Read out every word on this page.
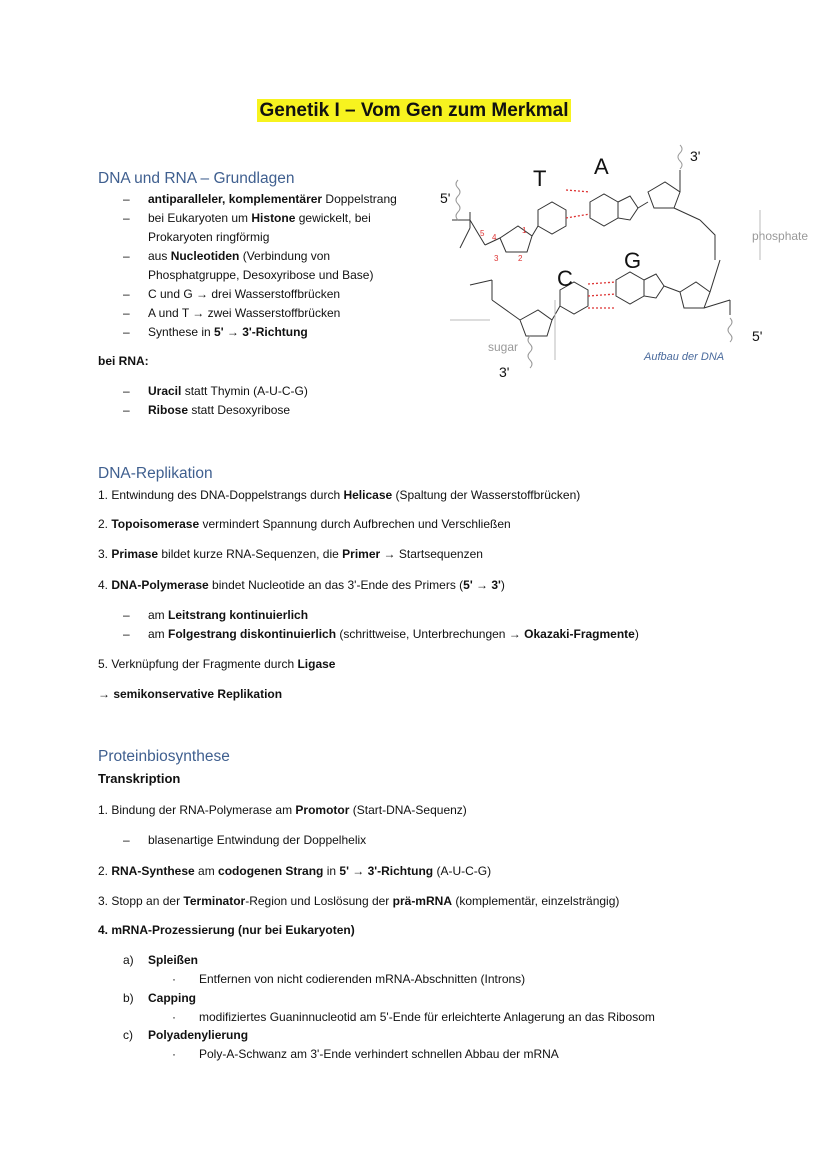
Genetik I – Vom Gen zum Merkmal
DNA und RNA – Grundlagen
– antiparalleler, komplementärer Doppelstrang
– bei Eukaryoten um Histone gewickelt, bei
Prokaryoten ringförmig
– aus Nucleotiden (Verbindung von
Phosphatgruppe, Desoxyribose und Base)
– C und G → drei Wasserstoffbrücken
– A und T → zwei Wasserstoffbrücken
– Synthese in 5' → 3'-Richtung
bei RNA:
– Uracil statt Thymin (A-U-C-G)
– Ribose statt Desoxyribose
T A
C
G
3'
5'
5'
3'
phosphate
sugar
5 4
1
3 2
Aufbau der DNA
DNA-Replikation
1. Entwindung des DNA-Doppelstrangs durch Helicase (Spaltung der Wasserstoffbrücken)
2. Topoisomerase vermindert Spannung durch Aufbrechen und Verschließen
3. Primase bildet kurze RNA-Sequenzen, die Primer → Startsequenzen
4. DNA-Polymerase bindet Nucleotide an das 3'-Ende des Primers (5' → 3')
– am Leitstrang kontinuierlich
– am Folgestrang diskontinuierlich (schrittweise, Unterbrechungen → Okazaki-Fragmente)
5. Verknüpfung der Fragmente durch Ligase
→ semikonservative Replikation
Proteinbiosynthese
Transkription
1. Bindung der RNA-Polymerase am Promotor (Start-DNA-Sequenz)
– blasenartige Entwindung der Doppelhelix
2. RNA-Synthese am codogenen Strang in 5' → 3'-Richtung (A-U-C-G)
3. Stopp an der Terminator-Region und Loslösung der prä-mRNA (komplementär, einzelsträngig)
4. mRNA-Prozessierung (nur bei Eukaryoten)
a) Spleißen
· Entfernen von nicht codierenden mRNA-Abschnitten (Introns)
b) Capping
· modifiziertes Guaninnucleotid am 5'-Ende für erleichterte Anlagerung an das Ribosom
c) Polyadenylierung
· Poly-A-Schwanz am 3'-Ende verhindert schnellen Abbau der mRNA
